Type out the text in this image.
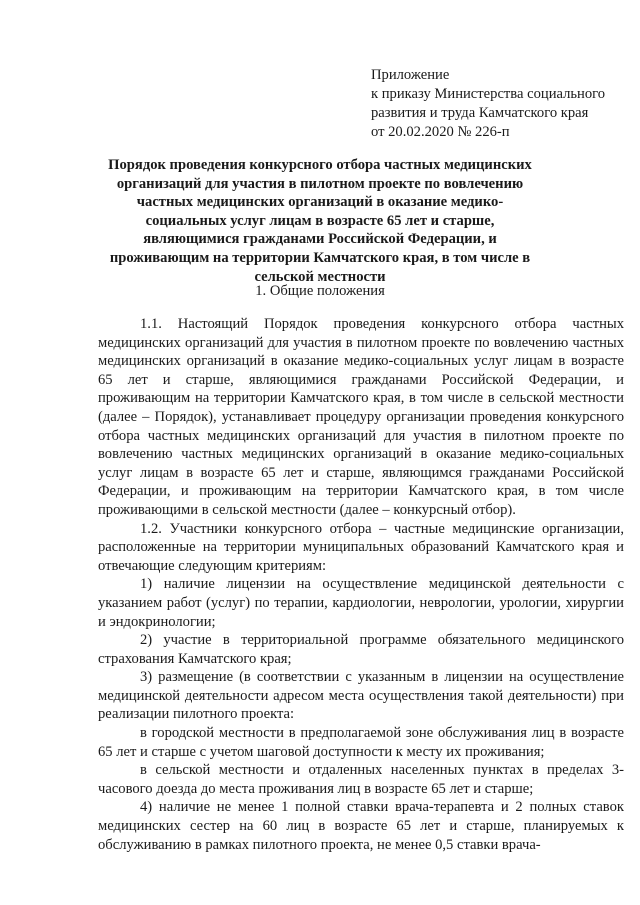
Приложение
к приказу Министерства социального
развития и труда Камчатского края
от 20.02.2020 № 226-п
Порядок проведения конкурсного отбора частных медицинских организаций для участия в пилотном проекте по вовлечению частных медицинских организаций в оказание медико-социальных услуг лицам в возрасте 65 лет и старше, являющимися гражданами Российской Федерации, и проживающим на территории Камчатского края, в том числе в сельской местности
1. Общие положения

1.1. Настоящий Порядок проведения конкурсного отбора частных медицинских организаций для участия в пилотном проекте по вовлечению частных медицинских организаций в оказание медико-социальных услуг лицам в возрасте 65 лет и старше, являющимися гражданами Российской Федерации, и проживающим на территории Камчатского края, в том числе в сельской местности (далее – Порядок), устанавливает процедуру организации проведения конкурсного отбора частных медицинских организаций для участия в пилотном проекте по вовлечению частных медицинских организаций в оказание медико-социальных услуг лицам в возрасте 65 лет и старше, являющимся гражданами Российской Федерации, и проживающим на территории Камчатского края, в том числе проживающими в сельской местности (далее – конкурсный отбор).

1.2. Участники конкурсного отбора – частные медицинские организации, расположенные на территории муниципальных образований Камчатского края и отвечающие следующим критериям:

1) наличие лицензии на осуществление медицинской деятельности с указанием работ (услуг) по терапии, кардиологии, неврологии, урологии, хирургии и эндокринологии;

2) участие в территориальной программе обязательного медицинского страхования Камчатского края;

3) размещение (в соответствии с указанным в лицензии на осуществление медицинской деятельности адресом места осуществления такой деятельности) при реализации пилотного проекта:

в городской местности в предполагаемой зоне обслуживания лиц в возрасте 65 лет и старше с учетом шаговой доступности к месту их проживания;

в сельской местности и отдаленных населенных пунктах в пределах 3-часового доезда до места проживания лиц в возрасте 65 лет и старше;

4) наличие не менее 1 полной ставки врача-терапевта и 2 полных ставок медицинских сестер на 60 лиц в возрасте 65 лет и старше, планируемых к обслуживанию в рамках пилотного проекта, не менее 0,5 ставки врача-
